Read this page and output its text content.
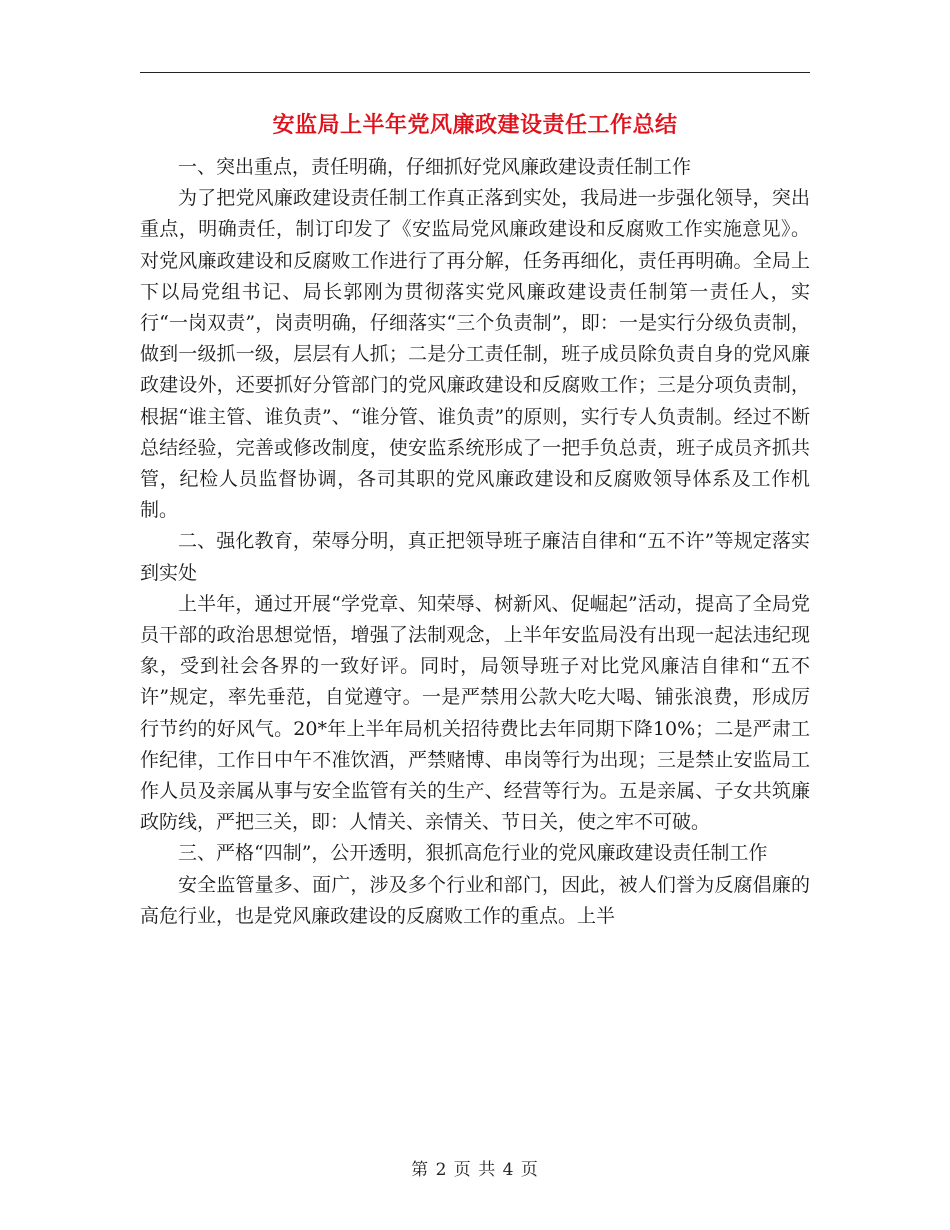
安监局上半年党风廉政建设责任工作总结

一、突出重点，责任明确，仔细抓好党风廉政建设责任制工作

为了把党风廉政建设责任制工作真正落到实处，我局进一步强化领导，突出重点，明确责任，制订印发了《安监局党风廉政建设和反腐败工作实施意见》。对党风廉政建设和反腐败工作进行了再分解，任务再细化，责任再明确。全局上下以局党组书记、局长郭刚为贯彻落实党风廉政建设责任制第一责任人，实行“一岗双责”，岗责明确，仔细落实“三个负责制”，即：一是实行分级负责制，做到一级抓一级，层层有人抓；二是分工责任制，班子成员除负责自身的党风廉政建设外，还要抓好分管部门的党风廉政建设和反腐败工作；三是分项负责制，根据“谁主管、谁负责”、“谁分管、谁负责”的原则，实行专人负责制。经过不断总结经验，完善或修改制度，使安监系统形成了一把手负总责，班子成员齐抓共管，纪检人员监督协调，各司其职的党风廉政建设和反腐败领导体系及工作机制。

二、强化教育，荣辱分明，真正把领导班子廉洁自律和“五不许”等规定落实到实处

上半年，通过开展“学党章、知荣辱、树新风、促崛起”活动，提高了全局党员干部的政治思想觉悟，增强了法制观念，上半年安监局没有出现一起法违纪现象，受到社会各界的一致好评。同时，局领导班子对比党风廉洁自律和“五不许”规定，率先垂范，自觉遵守。一是严禁用公款大吃大喝、铺张浪费，形成厉行节约的好风气。20*年上半年局机关招待费比去年同期下降10%；二是严肃工作纪律，工作日中午不准饮酒，严禁赌博、串岗等行为出现；三是禁止安监局工作人员及亲属从事与安全监管有关的生产、经营等行为。五是亲属、子女共筑廉政防线，严把三关，即：人情关、亲情关、节日关，使之牢不可破。

三、严格“四制”，公开透明，狠抓高危行业的党风廉政建设责任制工作

安全监管量多、面广，涉及多个行业和部门，因此，被人们誉为反腐倡廉的高危行业，也是党风廉政建设的反腐败工作的重点。上半

第 2 页 共 4 页
